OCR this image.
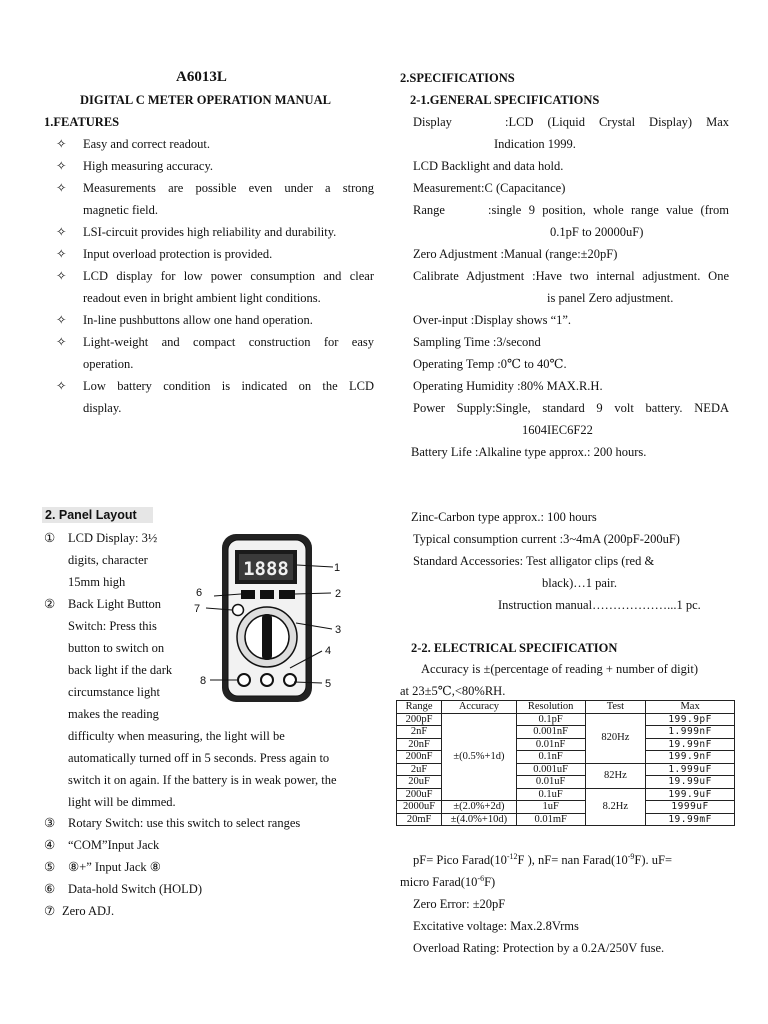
A6013L
DIGITAL C METER OPERATION MANUAL
1.FEATURES
✧ Easy and correct readout.
✧ High measuring accuracy.
✧ Measurements are possible even under a strong
magnetic field.
✧ LSI-circuit provides high reliability and durability.
✧ Input overload protection is provided.
✧ LCD display for low power consumption and clear
readout even in bright ambient light conditions.
✧ In-line pushbuttons allow one hand operation.
✧ Light-weight and compact construction for easy
operation.
✧ Low battery condition is indicated on the LCD
display.
2.SPECIFICATIONS
2-1.GENERAL SPECIFICATIONS
Display	:LCD (Liquid Crystal Display) Max
Indication 1999.
LCD Backlight and data hold.
Measurement:C (Capacitance)
Range	:single 9 position, whole range value (from
0.1pF to 20000uF)
Zero Adjustment :Manual (range:±20pF)
Calibrate Adjustment :Have two internal adjustment. One
is panel Zero adjustment.
Over-input :Display shows “1”.
Sampling Time :3/second
Operating Temp :0℃ to 40℃.
Operating Humidity :80% MAX.R.H.
Power Supply:Single, standard 9 volt battery. NEDA
1604IEC6F22
Battery Life :Alkaline type approx.: 200 hours.
Zinc-Carbon type approx.: 100 hours
Typical consumption current :3~4mA (200pF-200uF)
Standard Accessories: Test alligator clips (red &
black)…1 pair.
Instruction manual………………...1 pc.
2-2. ELECTRICAL SPECIFICATION
Accuracy is ±(percentage of reading + number of digit)
at 23±5℃,<80%RH.
Range	Accuracy	Resolution	Test	Max
200pF	±(0.5%+1d)	0.1pF	820Hz	199.9pF
2nF		0.001nF		1.999nF
20nF		0.01nF		19.99nF
200nF		0.1nF		199.9nF
2uF		0.001uF	82Hz	1.999uF
20uF		0.01uF		19.99uF
200uF		0.1uF	8.2Hz	199.9uF
2000uF	±(2.0%+2d)	1uF		1999uF
20mF	±(4.0%+10d)	0.01mF		19.99mF
pF= Pico $Farad(10^{-12}F$ ), nF= nan $Farad(10^{-9}F)$. uF=
micro $Farad(10^{-6}F)$
Zero Error: ±20pF
Excitative voltage: Max.2.8Vrms
Overload Rating: Protection by a 0.2A/250V fuse.
2. Panel Layout
① LCD Display: 3½
digits, character
15mm high
② Back Light Button
Switch: Press this
button to switch on
back light if the dark
circumstance light
makes the reading
difficulty when measuring, the light will be
automatically turned off in 5 seconds. Press again to
switch it on again. If the battery is in weak power, the
light will be dimmed.
③ Rotary Switch: use this switch to select ranges
④ “COM”Input Jack
⑤ ⑧+” Input Jack ⑧
⑥ Data-hold Switch (HOLD)
⑦ Zero ADJ.
1888	1
2
3
4
5
6
7
8
